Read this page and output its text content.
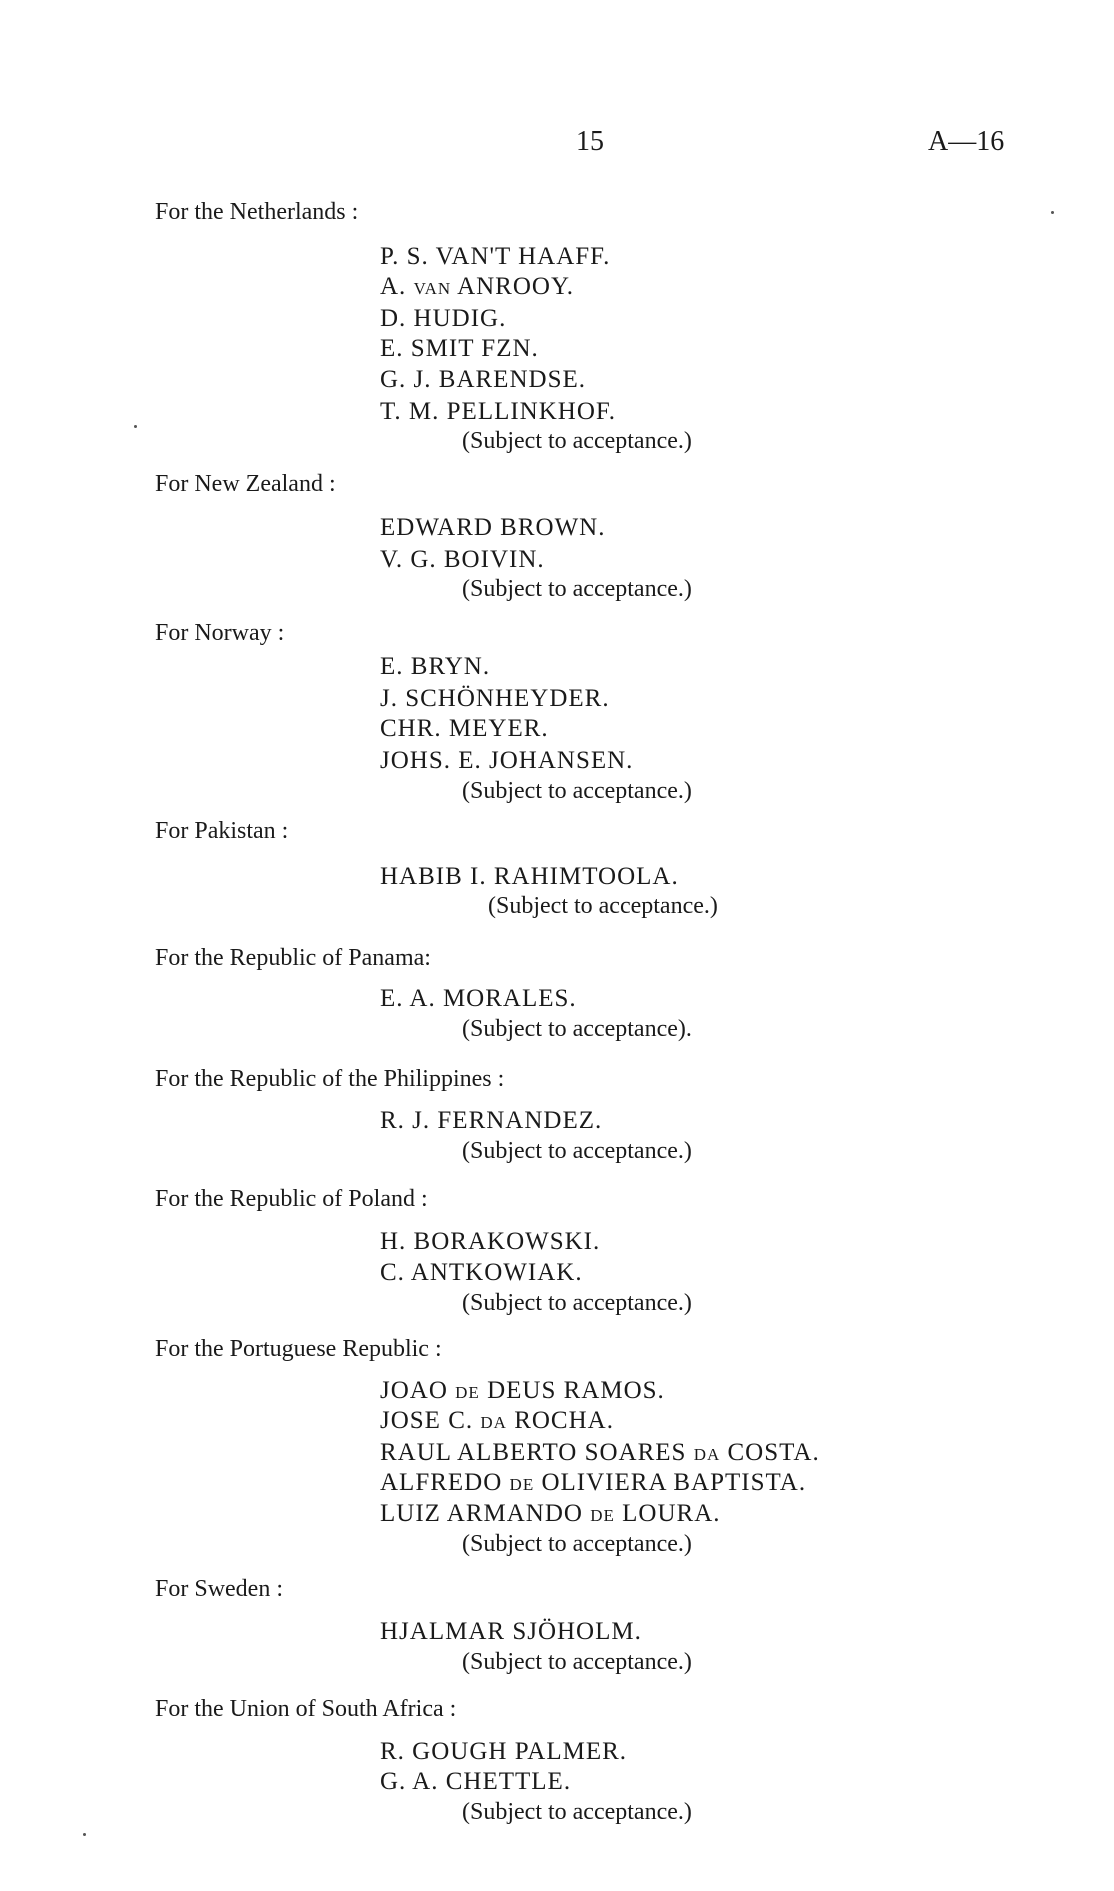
15	A—16
For the Netherlands :
P. S. VAN'T HAAFF.
A. VAN ANROOY.
D. HUDIG.
E. SMIT FZN.
G. J. BARENDSE.
T. M. PELLINKHOF.
(Subject to acceptance.)
For New Zealand :
EDWARD BROWN.
V. G. BOIVIN.
(Subject to acceptance.)
For Norway :
E. BRYN.
J. SCHÖNHEYDER.
CHR. MEYER.
JOHS. E. JOHANSEN.
(Subject to acceptance.)
For Pakistan :
HABIB I. RAHIMTOOLA.
(Subject to acceptance.)
For the Republic of Panama:
E. A. MORALES.
(Subject to acceptance).
For the Republic of the Philippines :
R. J. FERNANDEZ.
(Subject to acceptance.)
For the Republic of Poland :
H. BORAKOWSKI.
C. ANTKOWIAK.
(Subject to acceptance.)
For the Portuguese Republic :
JOAO DE DEUS RAMOS.
JOSE C. DA ROCHA.
RAUL ALBERTO SOARES DA COSTA.
ALFREDO DE OLIVIERA BAPTISTA.
LUIZ ARMANDO DE LOURA.
(Subject to acceptance.)
For Sweden :
HJALMAR SJÖHOLM.
(Subject to acceptance.)
For the Union of South Africa :
R. GOUGH PALMER.
G. A. CHETTLE.
(Subject to acceptance.)
